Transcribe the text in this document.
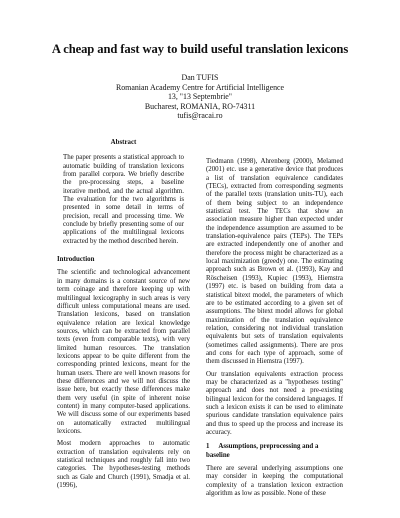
A cheap and fast way to build useful translation lexicons
Dan TUFIS
Romanian Academy Centre for Artificial Intelligence
13, "13 Septembrie"
Bucharest, ROMANIA, RO-74311
tufis@racai.ro
Abstract

The paper presents a statistical approach to automatic building of translation lexicons from parallel corpora. We briefly describe the pre-processing steps, a baseline iterative method, and the actual algorithm. The evaluation for the two algorithms is presented in some detail in terms of precision, recall and processing time. We conclude by briefly presenting some of our applications of the multilingual lexicons extracted by the method described herein.

Introduction

The scientific and technological advancement in many domains is a constant source of new term coinage and therefore keeping up with multilingual lexicography in such areas is very difficult unless computational means are used. Translation lexicons, based on translation equivalence relation are lexical knowledge sources, which can be extracted from parallel texts (even from comparable texts), with very limited human resources. The translation lexicons appear to be quite different from the corresponding printed lexicons, meant for the human users. There are well known reasons for these differences and we will not discuss the issue here, but exactly these differences make them very useful (in spite of inherent noise content) in many computer-based applications. We will discuss some of our experiments based on automatically extracted multilingual lexicons.

Most modern approaches to automatic extraction of translation equivalents rely on statistical techniques and roughly fall into two categories. The hypotheses-testing methods such as Gale and Church (1991), Smadja et al. (1996),

Tiedmann (1998), Ahrenberg (2000), Melamed (2001) etc. use a generative device that produces a list of translation equivalence candidates (TECs), extracted from corresponding segments of the parallel texts (translation units-TU), each of them being subject to an independence statistical test. The TECs that show an association measure higher than expected under the independence assumption are assumed to be translation-equivalence pairs (TEPs). The TEPs are extracted independently one of another and therefore the process might be characterized as a local maximization (greedy) one. The estimating approach such as Brown et al. (1993), Kay and Röscheisen (1993), Kupiec (1993), Hiemstra (1997) etc. is based on building from data a statistical bitext model, the parameters of which are to be estimated according to a given set of assumptions. The bitext model allows for global maximization of the translation equivalence relation, considering not individual translation equivalents but sets of translation equivalents (sometimes called assignments). There are pros and cons for each type of approach, some of them discussed in Hiemstra (1997).

Our translation equivalents extraction process may be characterized as a "hypotheses testing" approach and does not need a pre-existing bilingual lexicon for the considered languages. If such a lexicon exists it can be used to eliminate spurious candidate translation equivalence pairs and thus to speed up the process and increase its accuracy.

1 Assumptions, preprocessing and a baseline

There are several underlying assumptions one may consider in keeping the computational complexity of a translation lexicon extraction algorithm as low as possible. None of these
